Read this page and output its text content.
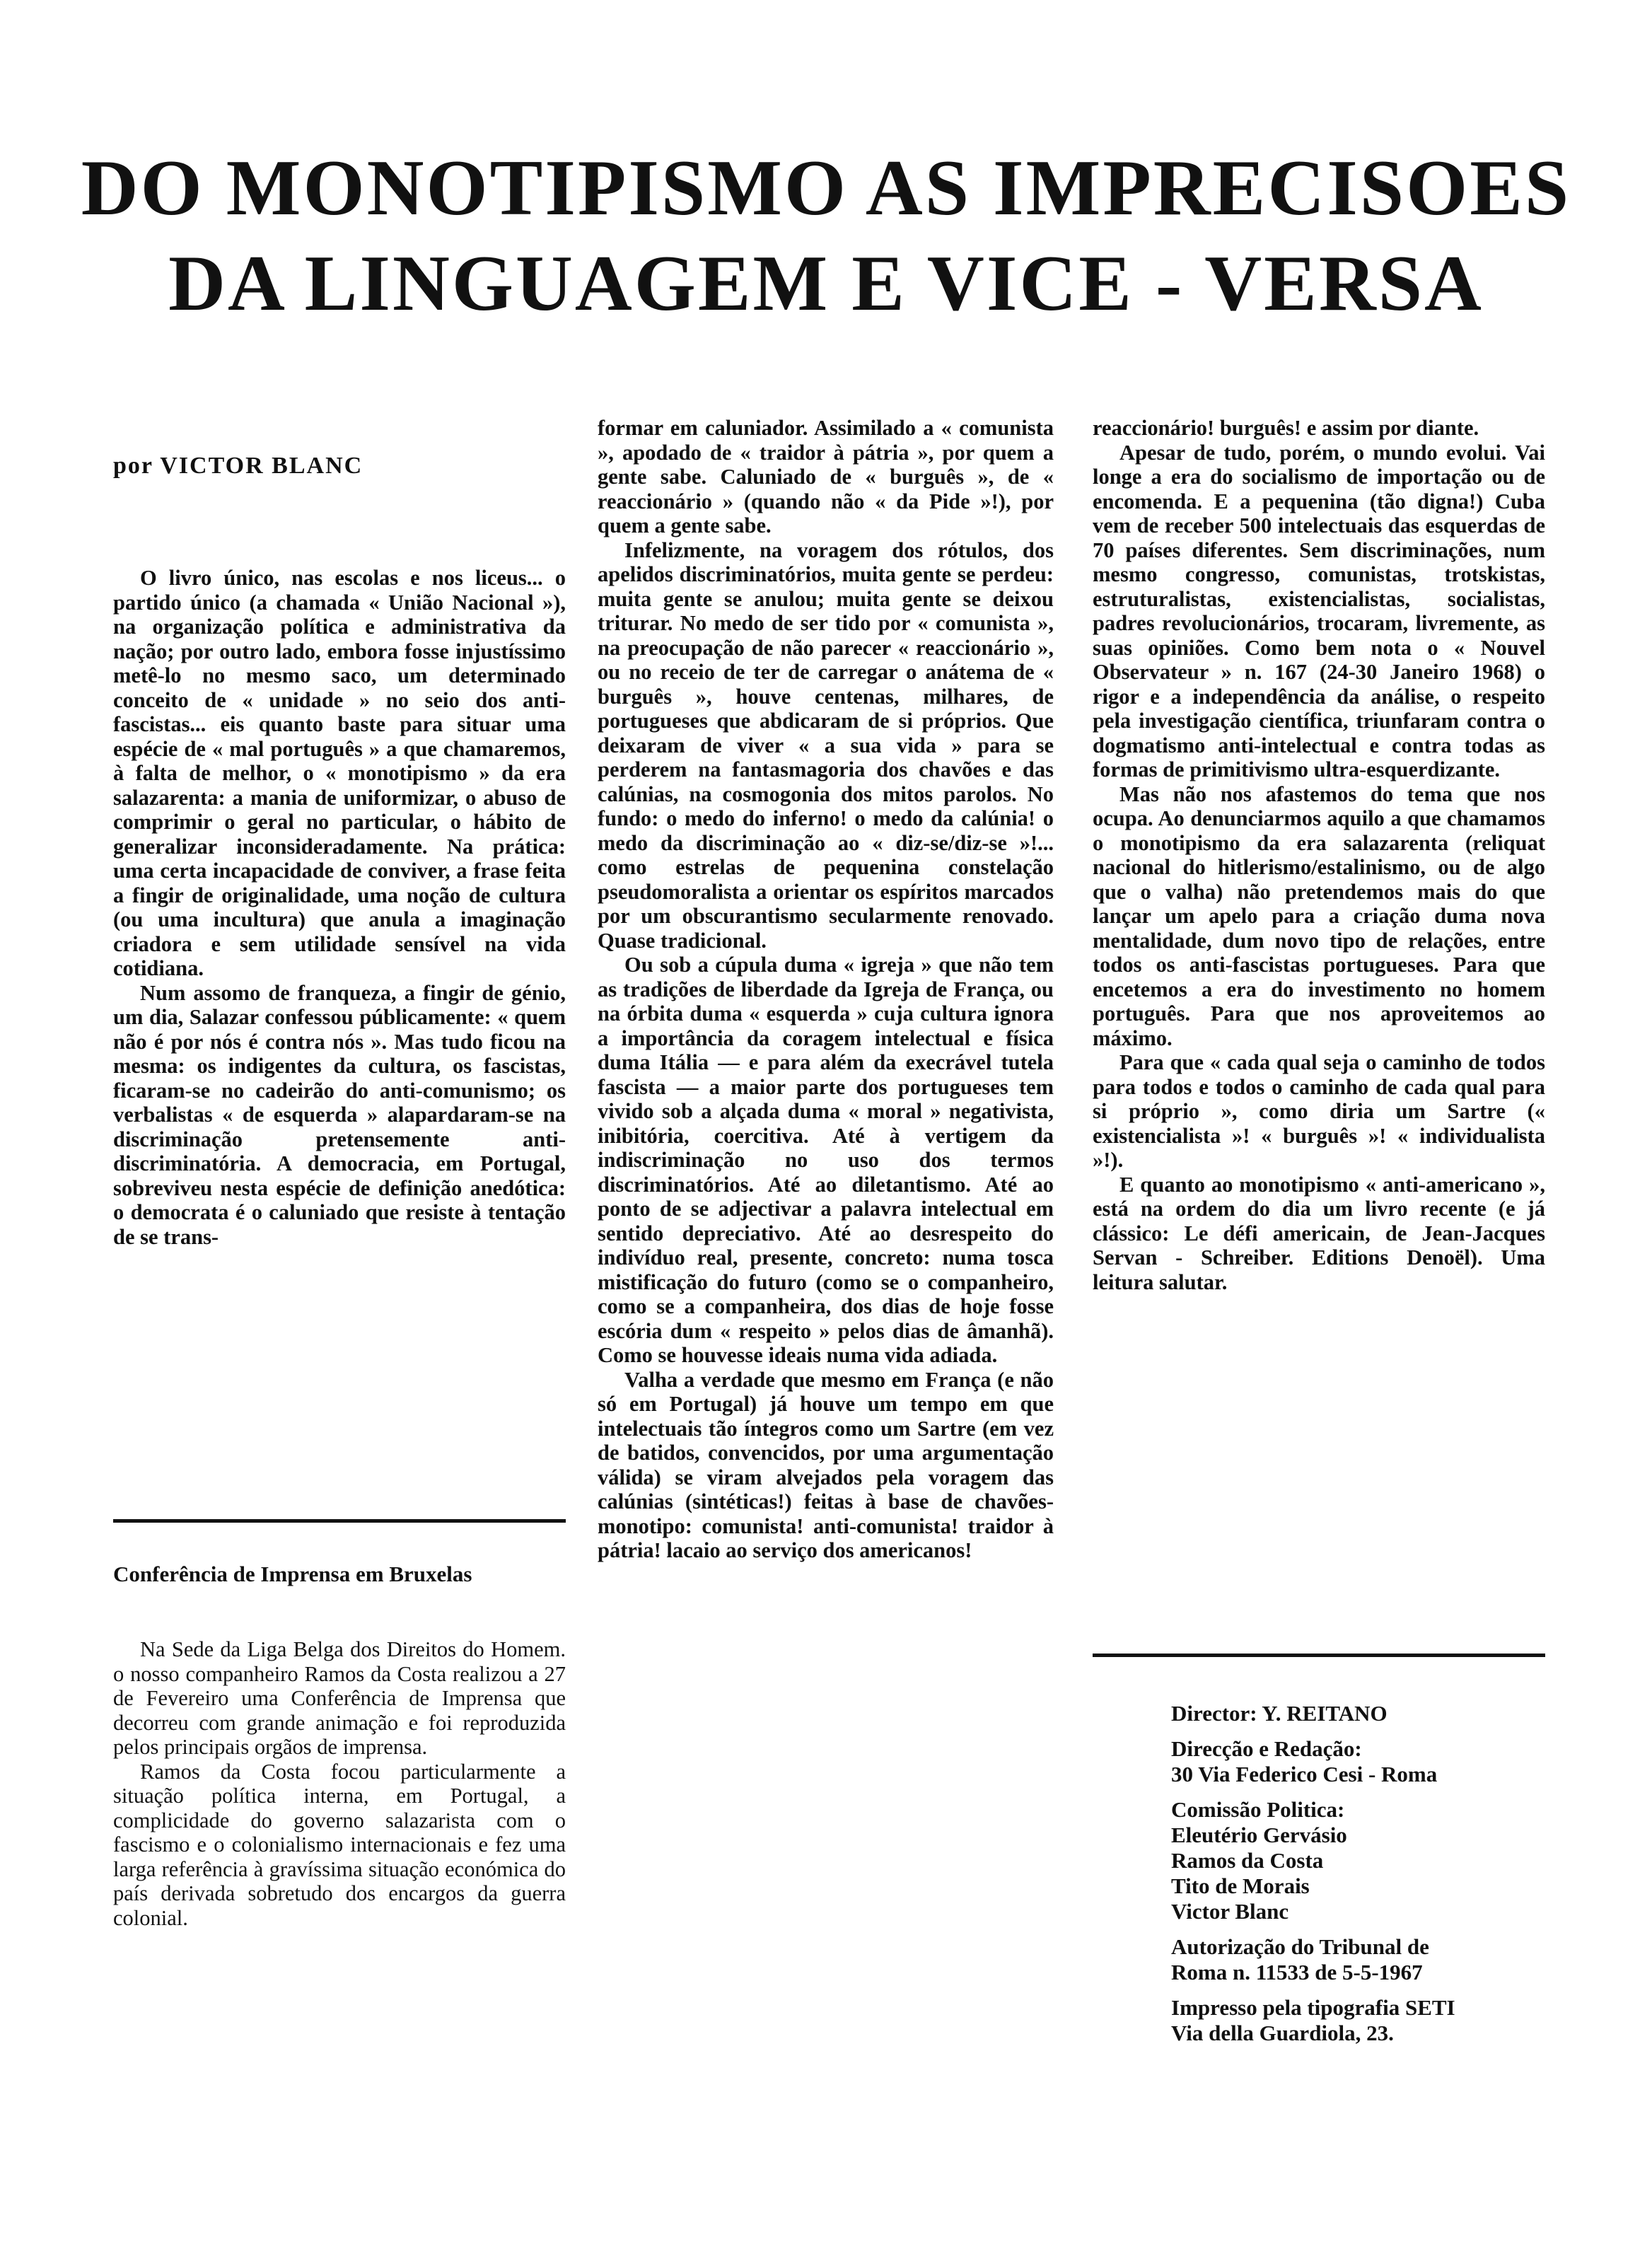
DO MONOTIPISMO AS IMPRECISOES
DA LINGUAGEM E VICE - VERSA
por VICTOR BLANC

O livro único, nas escolas e nos liceus... o partido único (a chamada « União Nacional »), na organização política e administrativa da nação; por outro lado, embora fosse injustíssimo metê-lo no mesmo saco, um determinado conceito de « unidade » no seio dos anti-fascistas... eis quanto baste para situar uma espécie de « mal português » a que chamaremos, à falta de melhor, o « monotipismo » da era salazarenta: a mania de uniformizar, o abuso de comprimir o geral no particular, o hábito de generalizar inconsideradamente. Na prática: uma certa incapacidade de conviver, a frase feita a fingir de originalidade, uma noção de cultura (ou uma incultura) que anula a imaginação criadora e sem utilidade sensível na vida cotidiana.

Num assomo de franqueza, a fingir de génio, um dia, Salazar confessou públicamente: « quem não é por nós é contra nós ». Mas tudo ficou na mesma: os indigentes da cultura, os fascistas, ficaram-se no cadeirão do anti-comunismo; os verbalistas « de esquerda » alapardaram-se na discriminação pretensemente anti-discriminatória. A democracia, em Portugal, sobreviveu nesta espécie de definição anedótica: o democrata é o caluniado que resiste à tentação de se trans-

Conferência de Imprensa em Bruxelas

Na Sede da Liga Belga dos Direitos do Homem. o nosso companheiro Ramos da Costa realizou a 27 de Fevereiro uma Conferência de Imprensa que decorreu com grande animação e foi reproduzida pelos principais orgãos de imprensa.

Ramos da Costa focou particularmente a situação política interna, em Portugal, a complicidade do governo salazarista com o fascismo e o colonialismo internacionais e fez uma larga referência à gravíssima situação económica do país derivada sobretudo dos encargos da guerra colonial.

formar em caluniador. Assimilado a « comunista », apodado de « traidor à pátria », por quem a gente sabe. Caluniado de « burguês », de « reaccionário » (quando não « da Pide »!), por quem a gente sabe.

Infelizmente, na voragem dos rótulos, dos apelidos discriminatórios, muita gente se perdeu: muita gente se anulou; muita gente se deixou triturar. No medo de ser tido por « comunista », na preocupação de não parecer « reaccionário », ou no receio de ter de carregar o anátema de « burguês », houve centenas, milhares, de portugueses que abdicaram de si próprios. Que deixaram de viver « a sua vida » para se perderem na fantasmagoria dos chavões e das calúnias, na cosmogonia dos mitos parolos. No fundo: o medo do inferno! o medo da calúnia! o medo da discriminação ao « diz-se/diz-se »!... como estrelas de pequenina constelação pseudomoralista a orientar os espíritos marcados por um obscurantismo secularmente renovado. Quase tradicional.

Ou sob a cúpula duma « igreja » que não tem as tradições de liberdade da Igreja de França, ou na órbita duma « esquerda » cuja cultura ignora a importância da coragem intelectual e física duma Itália — e para além da execrável tutela fascista — a maior parte dos portugueses tem vivido sob a alçada duma « moral » negativista, inibitória, coercitiva. Até à vertigem da indiscriminação no uso dos termos discriminatórios. Até ao diletantismo. Até ao ponto de se adjectivar a palavra intelectual em sentido depreciativo. Até ao desrespeito do indivíduo real, presente, concreto: numa tosca mistificação do futuro (como se o companheiro, como se a companheira, dos dias de hoje fosse escória dum « respeito » pelos dias de âmanhã). Como se houvesse ideais numa vida adiada.

Valha a verdade que mesmo em França (e não só em Portugal) já houve um tempo em que intelectuais tão íntegros como um Sartre (em vez de batidos, convencidos, por uma argumentação válida) se viram alvejados pela voragem das calúnias (sintéticas!) feitas à base de chavões-monotipo: comunista! anti-comunista! traidor à pátria! lacaio ao serviço dos americanos!

reaccionário! burguês! e assim por diante.

Apesar de tudo, porém, o mundo evolui. Vai longe a era do socialismo de importação ou de encomenda. E a pequenina (tão digna!) Cuba vem de receber 500 intelectuais das esquerdas de 70 países diferentes. Sem discriminações, num mesmo congresso, comunistas, trotskistas, estruturalistas, existencialistas, socialistas, padres revolucionários, trocaram, livremente, as suas opiniões. Como bem nota o « Nouvel Observateur » n. 167 (24-30 Janeiro 1968) o rigor e a independência da análise, o respeito pela investigação científica, triunfaram contra o dogmatismo anti-intelectual e contra todas as formas de primitivismo ultra-esquerdizante.

Mas não nos afastemos do tema que nos ocupa. Ao denunciarmos aquilo a que chamamos o monotipismo da era salazarenta (reliquat nacional do hitlerismo/estalinismo, ou de algo que o valha) não pretendemos mais do que lançar um apelo para a criação duma nova mentalidade, dum novo tipo de relações, entre todos os anti-fascistas portugueses. Para que encetemos a era do investimento no homem português. Para que nos aproveitemos ao máximo.

Para que « cada qual seja o caminho de todos para todos e todos o caminho de cada qual para si próprio », como diria um Sartre (« existencialista »! « burguês »! « individualista »!).

E quanto ao monotipismo « anti-americano », está na ordem do dia um livro recente (e já clássico: Le défi americain, de Jean-Jacques Servan - Schreiber. Editions Denoël). Uma leitura salutar.

Director: Y. REITANO

Direcção e Redação:
30 Via Federico Cesi - Roma

Comissão Politica:
Eleutério Gervásio
Ramos da Costa
Tito de Morais
Victor Blanc

Autorização do Tribunal de Roma n. 11533 de 5-5-1967

Impresso pela tipografia SETI
Via della Guardiola, 23.
